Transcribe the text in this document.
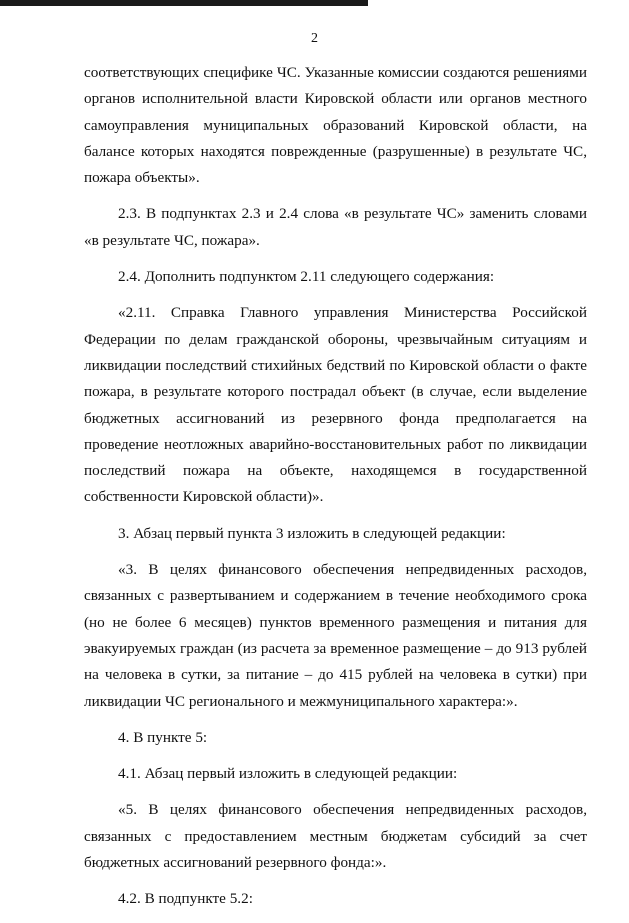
2

соответствующих специфике ЧС. Указанные комиссии создаются решениями органов исполнительной власти Кировской области или органов местного самоуправления муниципальных образований Кировской области, на балансе которых находятся поврежденные (разрушенные) в результате ЧС, пожара объекты».

2.3. В подпунктах 2.3 и 2.4 слова «в результате ЧС» заменить словами «в результате ЧС, пожара».

2.4. Дополнить подпунктом 2.11 следующего содержания:

«2.11. Справка Главного управления Министерства Российской Федерации по делам гражданской обороны, чрезвычайным ситуациям и ликвидации последствий стихийных бедствий по Кировской области о факте пожара, в результате которого пострадал объект (в случае, если выделение бюджетных ассигнований из резервного фонда предполагается на проведение неотложных аварийно-восстановительных работ по ликвидации последствий пожара на объекте, находящемся в государственной собственности Кировской области)».

3. Абзац первый пункта 3 изложить в следующей редакции:

«3. В целях финансового обеспечения непредвиденных расходов, связанных с развертыванием и содержанием в течение необходимого срока (но не более 6 месяцев) пунктов временного размещения и питания для эвакуируемых граждан (из расчета за временное размещение – до 913 рублей на человека в сутки, за питание – до 415 рублей на человека в сутки) при ликвидации ЧС регионального и межмуниципального характера:».

4. В пункте 5:

4.1. Абзац первый изложить в следующей редакции:

«5. В целях финансового обеспечения непредвиденных расходов, связанных с предоставлением местным бюджетам субсидий за счет бюджетных ассигнований резервного фонда:».

4.2. В подпункте 5.2:
